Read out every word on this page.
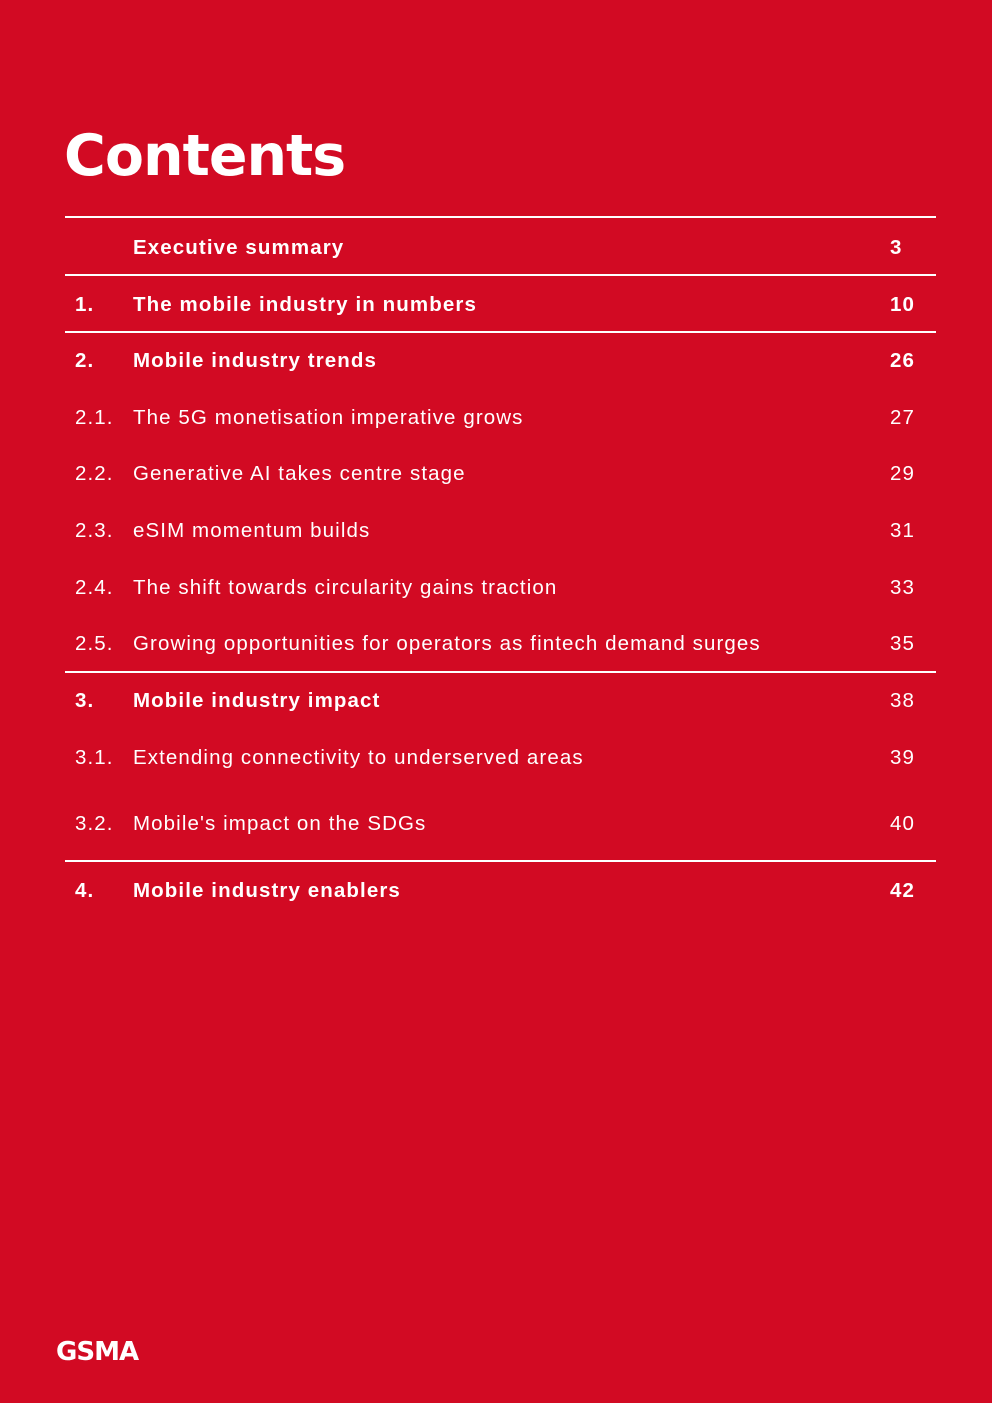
Contents
Executive summary	3
1. The mobile industry in numbers	10
2. Mobile industry trends	26
2.1. The 5G monetisation imperative grows	27
2.2. Generative AI takes centre stage	29
2.3. eSIM momentum builds	31
2.4. The shift towards circularity gains traction	33
2.5. Growing opportunities for operators as fintech demand surges	35
3. Mobile industry impact	38
3.1. Extending connectivity to underserved areas	39
3.2. Mobile's impact on the SDGs	40
4. Mobile industry enablers	42
GSMA
